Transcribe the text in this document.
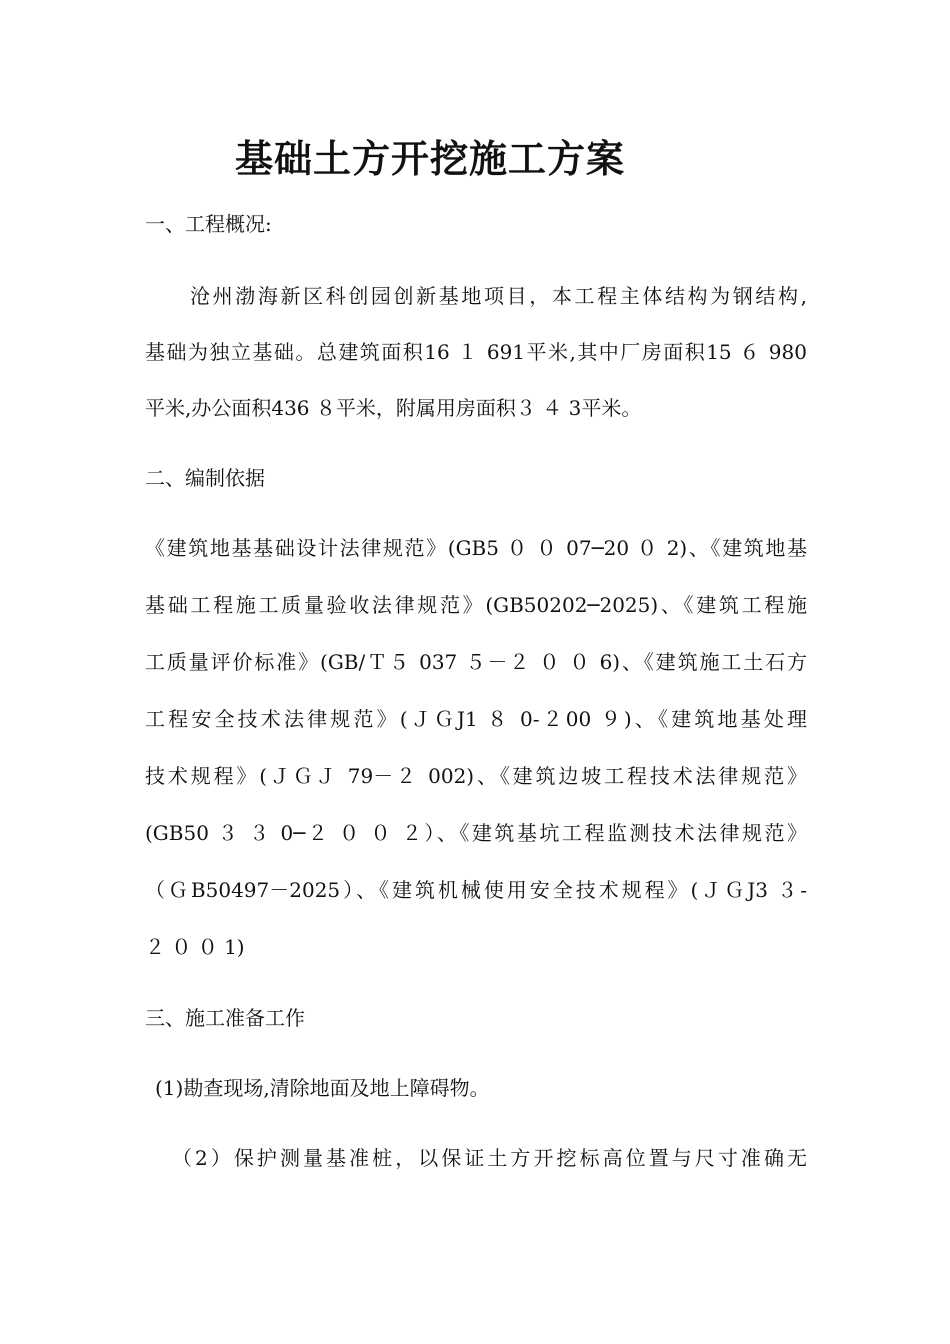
基础土方开挖施工方案

一、工程概况:

沧州渤海新区科创园创新基地项目，本工程主体结构为钢结构,

基础为独立基础。总建筑面积16 １ 691平米,其中厂房面积15 ６ 980

平米,办公面积436 ８平米，附属用房面积３ ４ 3平米。

二、编制依据

《建筑地基基础设计法律规范》(GB5 ０ ０ 07─20 ０ 2)、《建筑地基

基础工程施工质量验收法律规范》(GB50202─2025)、《建筑工程施

工质量评价标准》(GB/Ｔ５ 037 ５－２ ０ ０ 6)、《建筑施工土石方

工程安全技术法律规范》(ＪＧJ1 ８ 0-２00 ９)、《建筑地基处理

技术规程》(ＪＧＪ 79－２ 002)、《建筑边坡工程技术法律规范》

(GB50 ３ ３ 0─２ ０ ０ ２）、《建筑基坑工程监测技术法律规范》

（ＧB50497－2025）、《建筑机械使用安全技术规程》(ＪＧJ3 ３-

２ ０ ０ 1)

三、施工准备工作

(1)勘查现场,清除地面及地上障碍物。

（2）保护测量基准桩，以保证土方开挖标高位置与尺寸准确无
